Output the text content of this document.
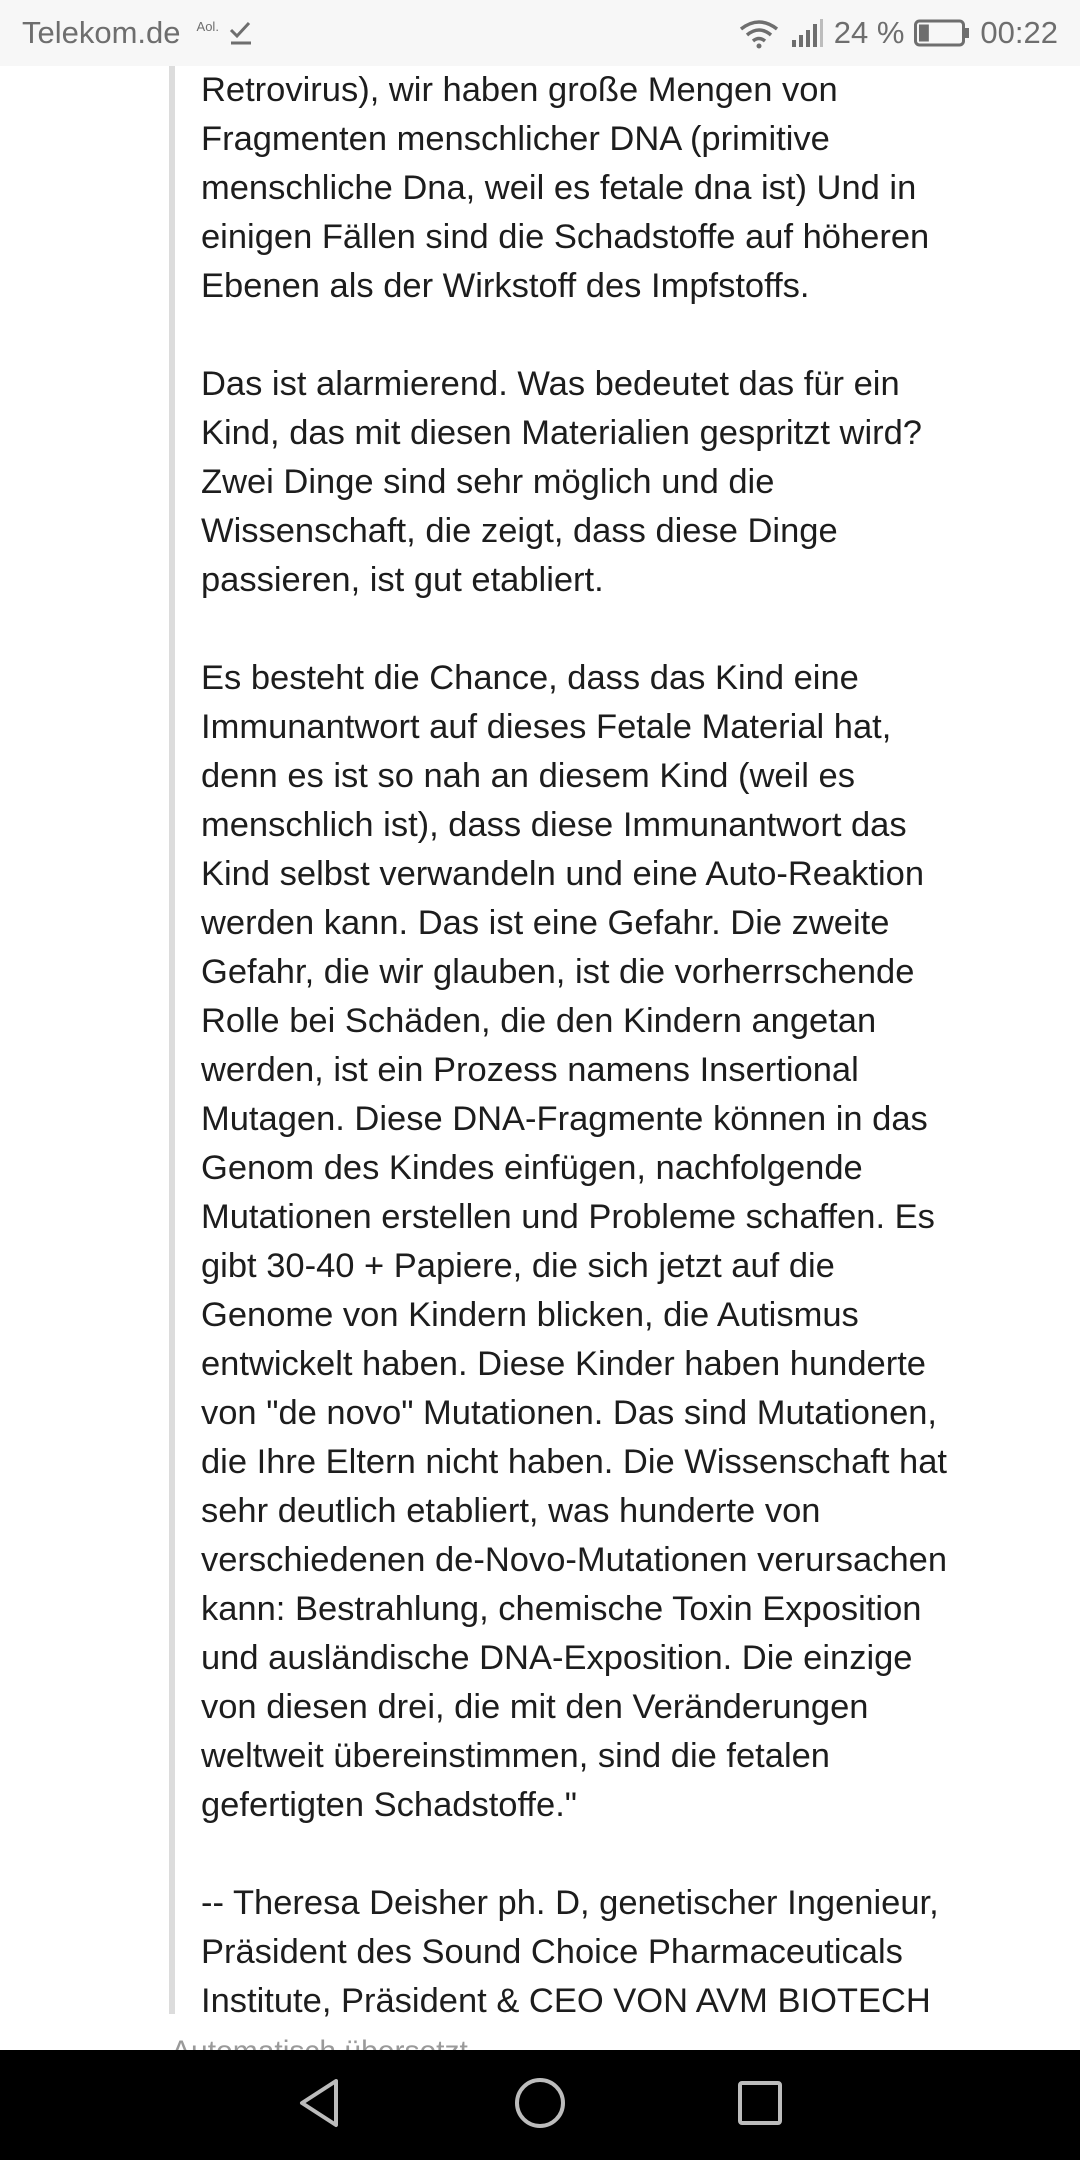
Telekom.de Aol.	24 % 00:22

Retrovirus), wir haben große Mengen von
Fragmenten menschlicher DNA (primitive
menschliche Dna, weil es fetale dna ist) Und in
einigen Fällen sind die Schadstoffe auf höheren
Ebenen als der Wirkstoff des Impfstoffs.

Das ist alarmierend. Was bedeutet das für ein
Kind, das mit diesen Materialien gespritzt wird?
Zwei Dinge sind sehr möglich und die
Wissenschaft, die zeigt, dass diese Dinge
passieren, ist gut etabliert.

Es besteht die Chance, dass das Kind eine
Immunantwort auf dieses Fetale Material hat,
denn es ist so nah an diesem Kind (weil es
menschlich ist), dass diese Immunantwort das
Kind selbst verwandeln und eine Auto-Reaktion
werden kann. Das ist eine Gefahr. Die zweite
Gefahr, die wir glauben, ist die vorherrschende
Rolle bei Schäden, die den Kindern angetan
werden, ist ein Prozess namens Insertional
Mutagen. Diese DNA-Fragmente können in das
Genom des Kindes einfügen, nachfolgende
Mutationen erstellen und Probleme schaffen. Es
gibt 30-40 + Papiere, die sich jetzt auf die
Genome von Kindern blicken, die Autismus
entwickelt haben. Diese Kinder haben hunderte
von "de novo" Mutationen. Das sind Mutationen,
die Ihre Eltern nicht haben. Die Wissenschaft hat
sehr deutlich etabliert, was hunderte von
verschiedenen de-Novo-Mutationen verursachen
kann: Bestrahlung, chemische Toxin Exposition
und ausländische DNA-Exposition. Die einzige
von diesen drei, die mit den Veränderungen
weltweit übereinstimmen, sind die fetalen
gefertigten Schadstoffe."

-- Theresa Deisher ph. D, genetischer Ingenieur,
Präsident des Sound Choice Pharmaceuticals
Institute, Präsident & CEO VON AVM BIOTECH
